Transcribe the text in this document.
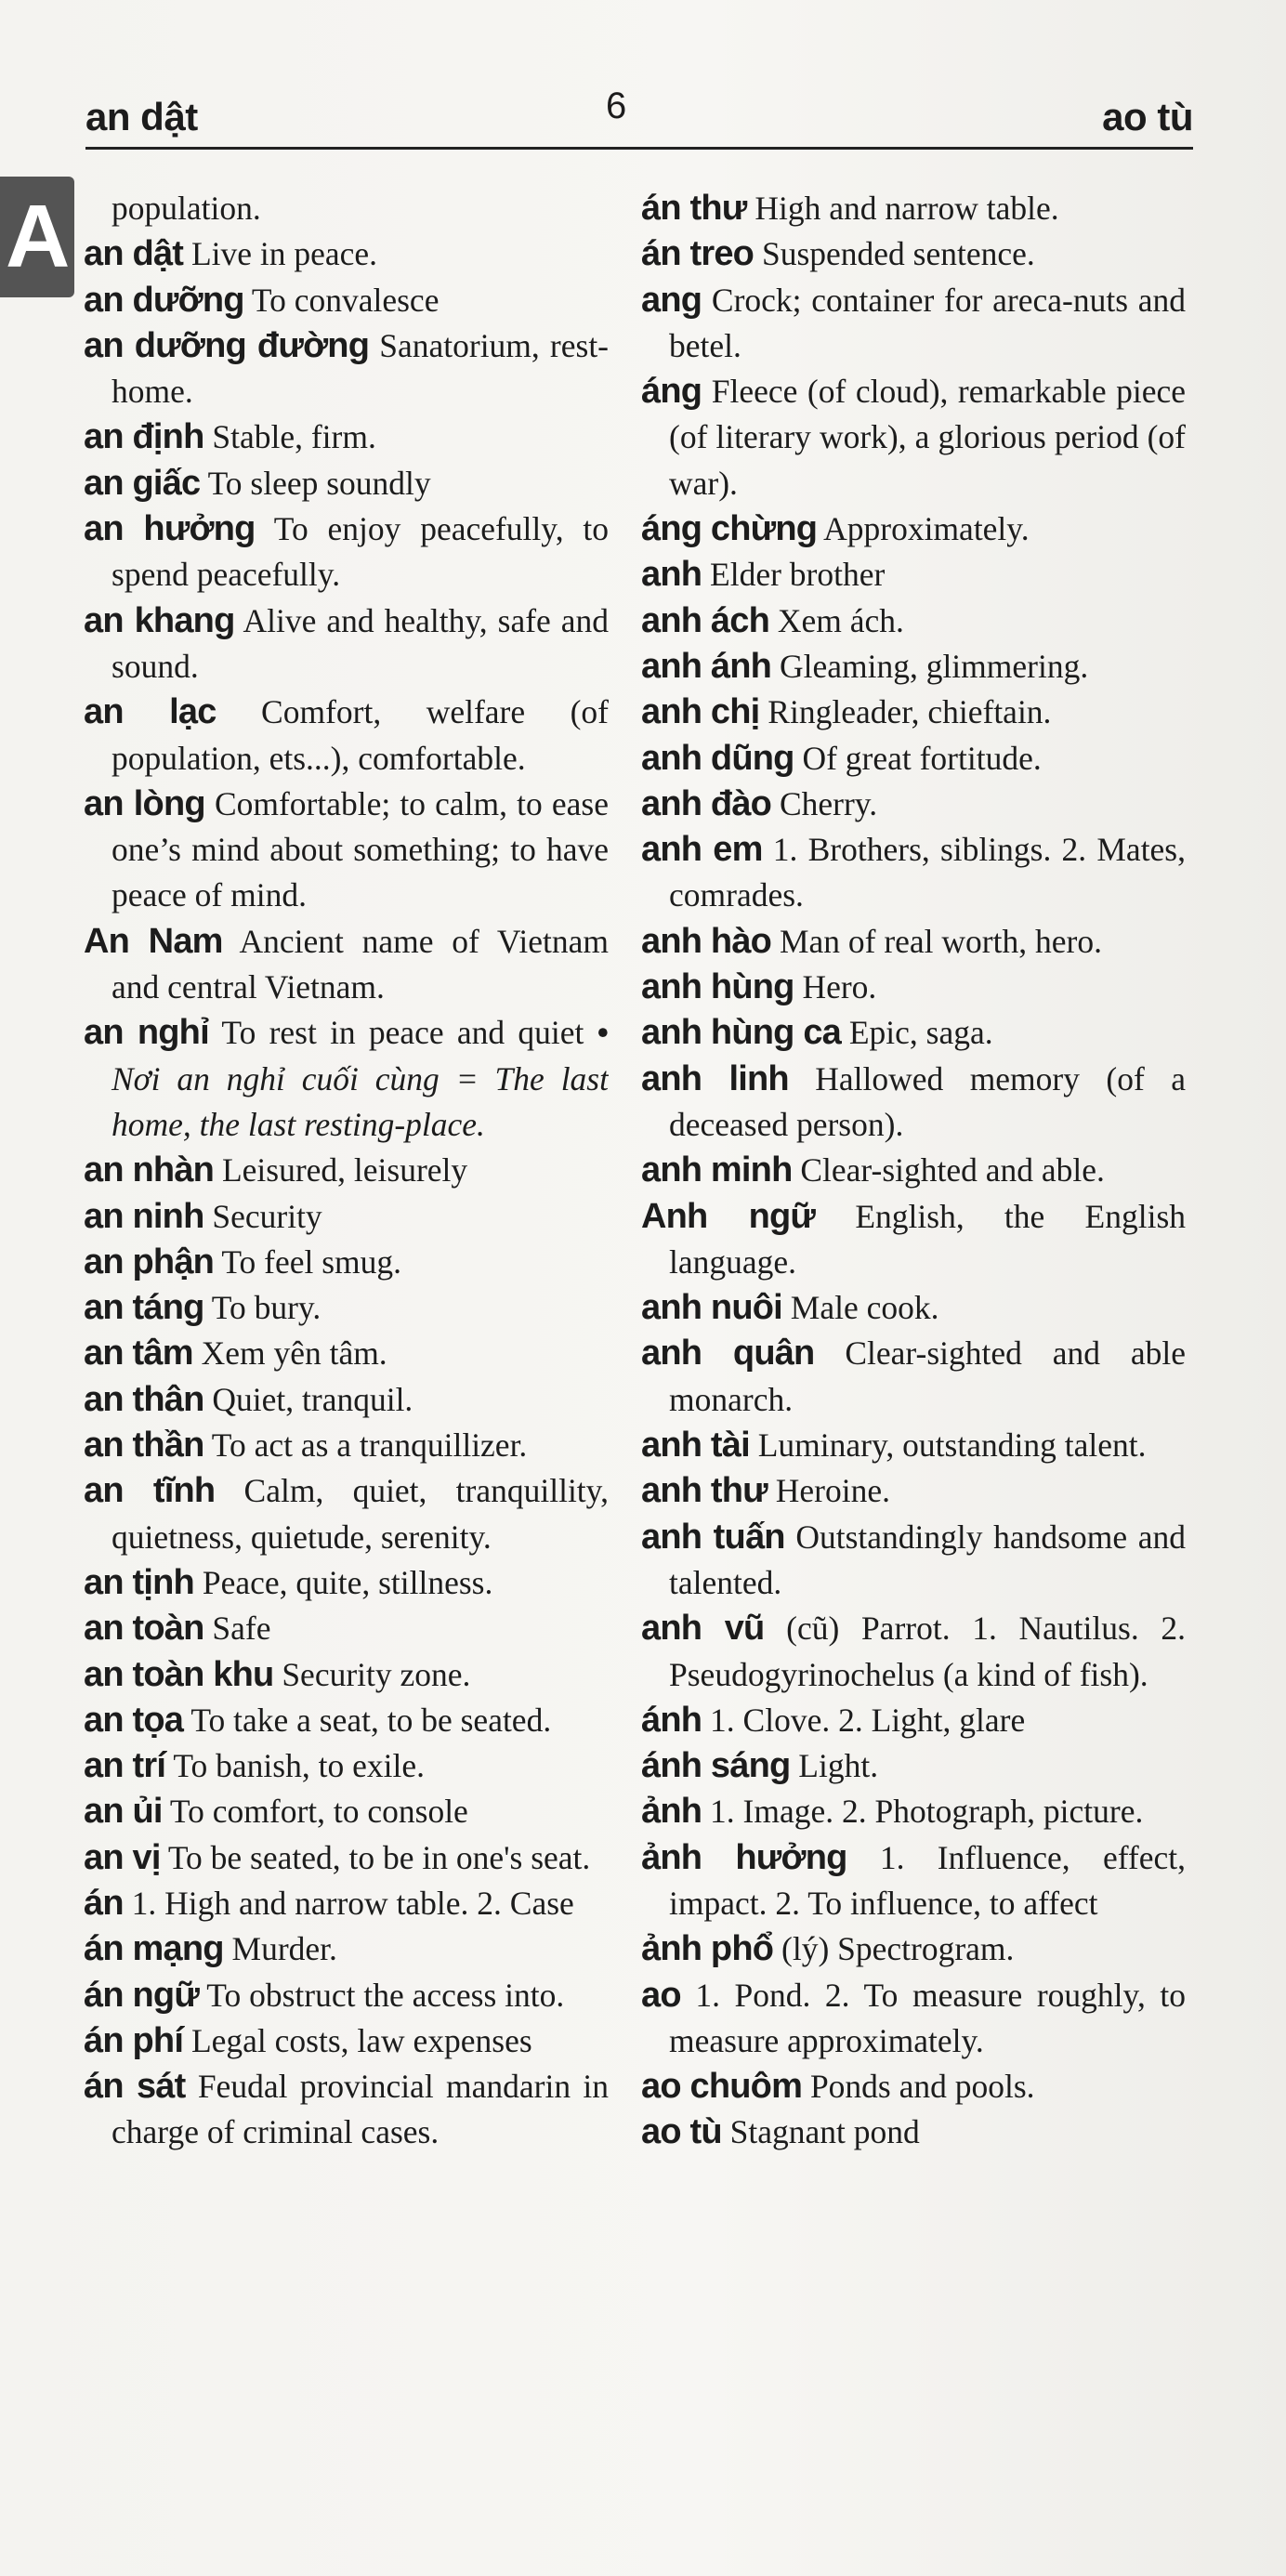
an dật	6	ao tù
A	population.
an dật Live in peace.
an dưỡng To convalesce
an dưỡng đường Sanatorium, rest-home.
an định Stable, firm.
an giấc To sleep soundly
an hưởng To enjoy peacefully, to spend peacefully.
an khang Alive and healthy, safe and sound.
an lạc Comfort, welfare (of population, ets...), comfortable.
an lòng Comfortable; to calm, to ease one’s mind about something; to have peace of mind.
An Nam Ancient name of Vietnam and central Vietnam.
an nghỉ To rest in peace and quiet • Nơi an nghỉ cuối cùng = The last home, the last resting-place.
an nhàn Leisured, leisurely
an ninh Security
an phận To feel smug.
an táng To bury.
an tâm Xem yên tâm.
an thân Quiet, tranquil.
an thần To act as a tranquillizer.
an tĩnh Calm, quiet, tranquillity, quietness, quietude, serenity.
an tịnh Peace, quite, stillness.
an toàn Safe
an toàn khu Security zone.
an tọa To take a seat, to be seated.
an trí To banish, to exile.
an ủi To comfort, to console
an vị To be seated, to be in one's seat.
án 1. High and narrow table. 2. Case
án mạng Murder.
án ngữ To obstruct the access into.
án phí Legal costs, law expenses
án sát Feudal provincial mandarin in charge of criminal cases.
án thư High and narrow table.
án treo Suspended sentence.
ang Crock; container for areca-nuts and betel.
áng Fleece (of cloud), remarkable piece (of literary work), a glorious period (of war).
áng chừng Approximately.
anh Elder brother
anh ách Xem ách.
anh ánh Gleaming, glimmering.
anh chị Ringleader, chieftain.
anh dũng Of great fortitude.
anh đào Cherry.
anh em 1. Brothers, siblings. 2. Mates, comrades.
anh hào Man of real worth, hero.
anh hùng Hero.
anh hùng ca Epic, saga.
anh linh Hallowed memory (of a deceased person).
anh minh Clear-sighted and able.
Anh ngữ English, the English language.
anh nuôi Male cook.
anh quân Clear-sighted and able monarch.
anh tài Luminary, outstanding talent.
anh thư Heroine.
anh tuấn Outstandingly handsome and talented.
anh vũ (cũ) Parrot. 1. Nautilus. 2. Pseudogyrinochelus (a kind of fish).
ánh 1. Clove. 2. Light, glare
ánh sáng Light.
ảnh 1. Image. 2. Photograph, picture.
ảnh hưởng 1. Influence, effect, impact. 2. To influence, to affect
ảnh phổ (lý) Spectrogram.
ao 1. Pond. 2. To measure roughly, to measure approximately.
ao chuôm Ponds and pools.
ao tù Stagnant pond
